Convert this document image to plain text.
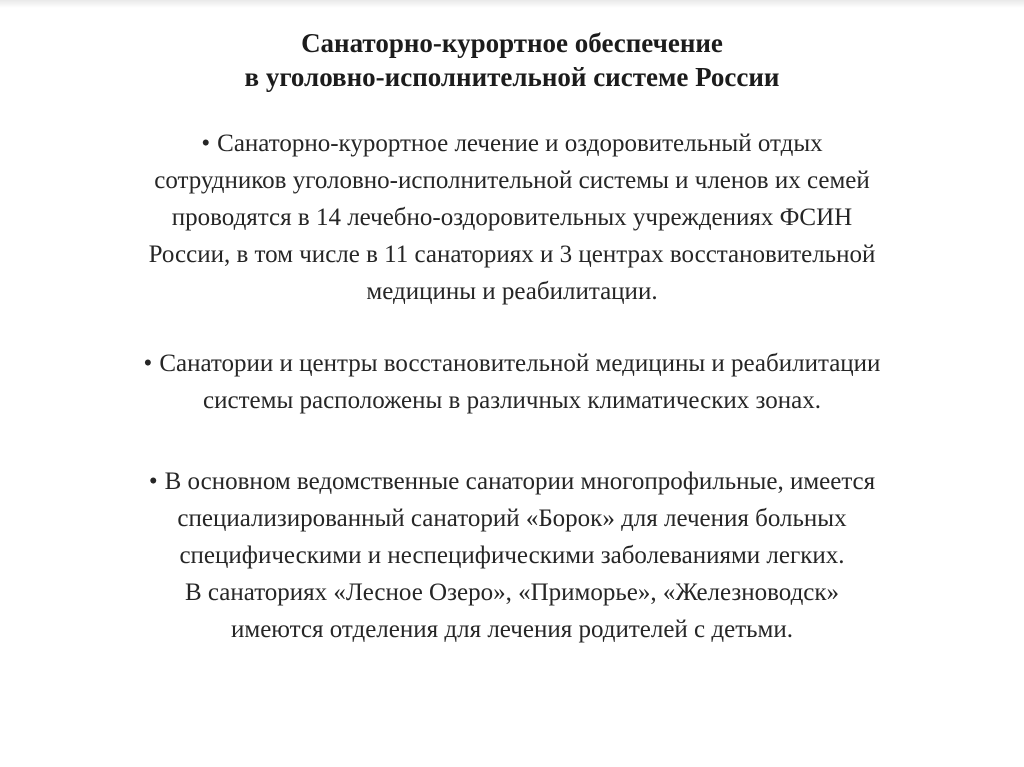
Санаторно-курортное обеспечение
в уголовно-исполнительной системе России
• Санаторно-курортное лечение и оздоровительный отдых
сотрудников уголовно-исполнительной системы и членов их семей
проводятся в 14 лечебно-оздоровительных учреждениях ФСИН
России, в том числе в 11 санаториях и 3 центрах восстановительной
медицины и реабилитации.
• Санатории и центры восстановительной медицины и реабилитации
системы расположены в различных климатических зонах.
• В основном ведомственные санатории многопрофильные, имеется
специализированный санаторий «Борок» для лечения больных
специфическими и неспецифическими заболеваниями легких.
В санаториях «Лесное Озеро», «Приморье», «Железноводск»
имеются отделения для лечения родителей с детьми.
